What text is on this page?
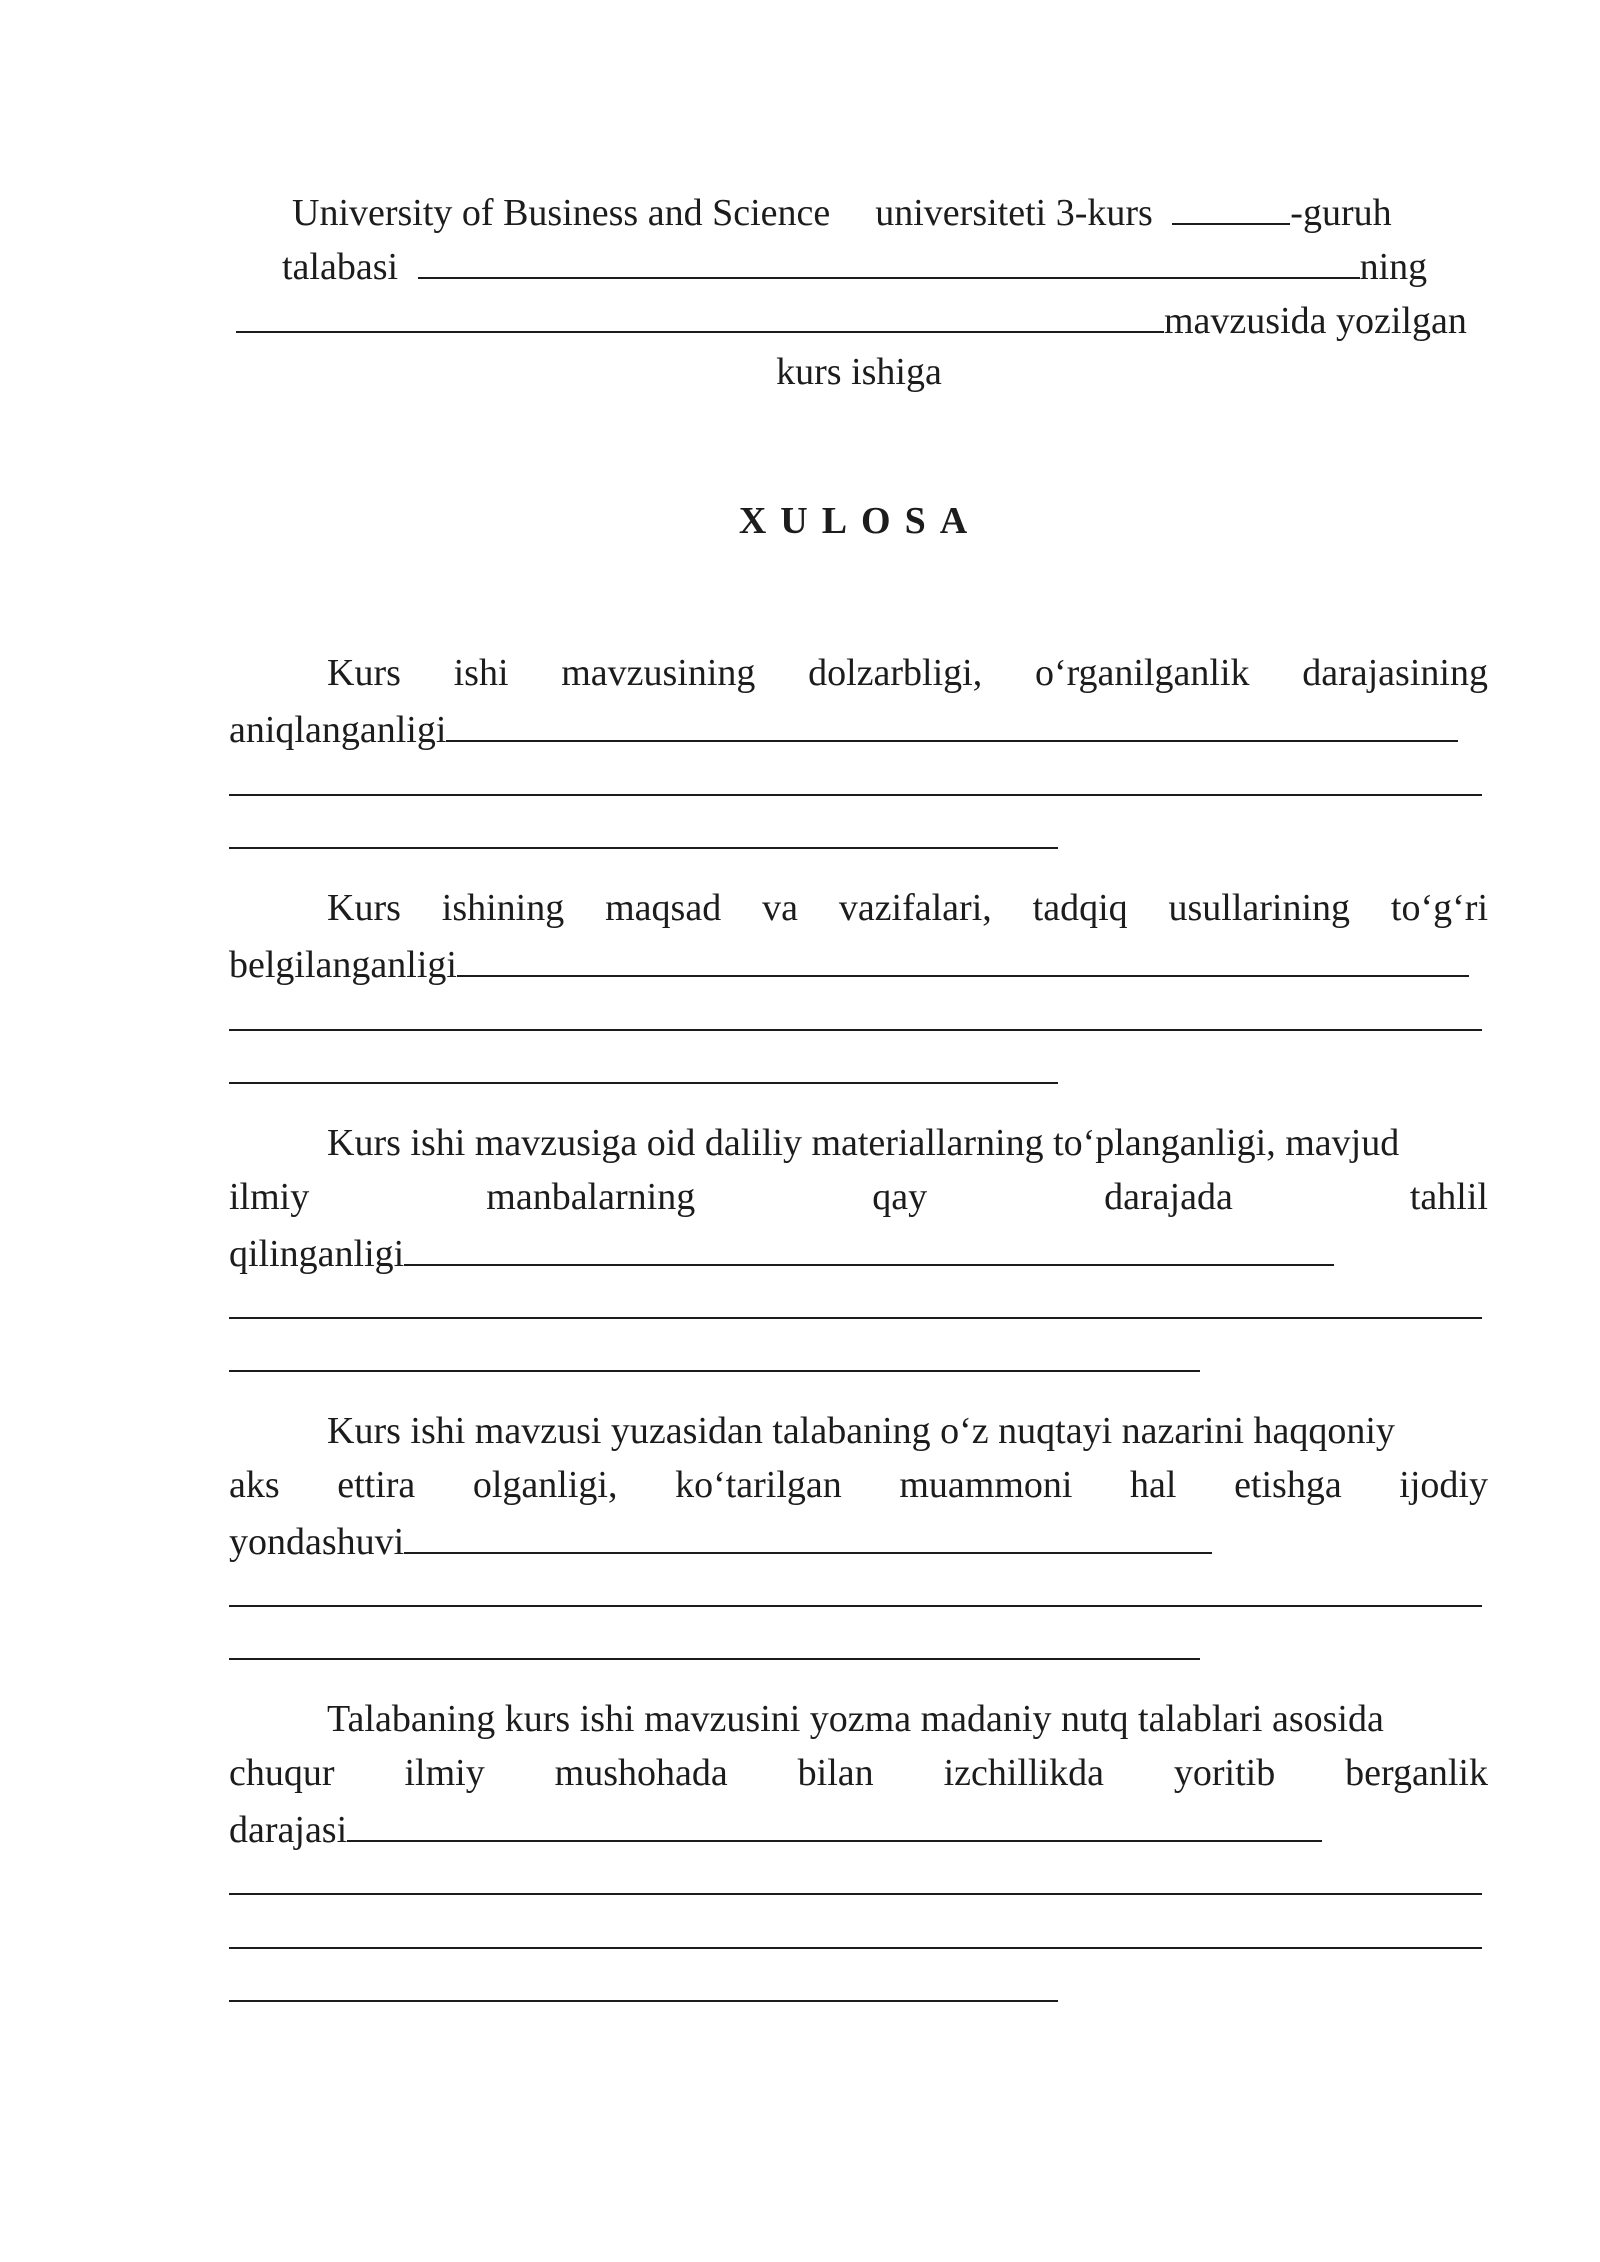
University of Business and Science universiteti 3-kurs	-guruh
talabasi	ning
mavzusida yozilgan
kurs ishiga
XULOSA
Kurs ishi mavzusining dolzarbligi, o‘rganilganlik darajasining
aniqlanganligi
Kurs ishining maqsad va vazifalari, tadqiq usullarining to‘g‘ri
belgilanganligi
Kurs ishi mavzusiga oid daliliy materiallarning to‘planganligi, mavjud
ilmiy	manbalarning	qay	darajada	tahlil
qilinganligi
Kurs ishi mavzusi yuzasidan talabaning o‘z nuqtayi nazarini haqqoniy
aks ettira olganligi, ko‘tarilgan muammoni hal etishga ijodiy
yondashuvi
Talabaning kurs ishi mavzusini yozma madaniy nutq talablari asosida
chuqur ilmiy mushohada bilan izchillikda yoritib berganlik
darajasi
